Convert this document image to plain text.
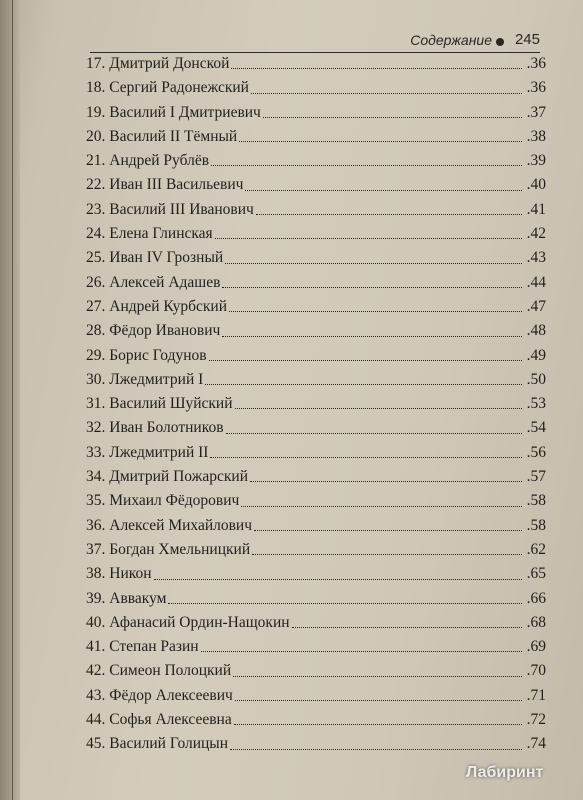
Содержание 245
17. Дмитрий Донской	.36
18. Сергий Радонежский	.36
19. Василий I Дмитриевич	.37
20. Василий II Тёмный	.38
21. Андрей Рублёв	.39
22. Иван III Васильевич	.40
23. Василий III Иванович	.41
24. Елена Глинская	.42
25. Иван IV Грозный	.43
26. Алексей Адашев	.44
27. Андрей Курбский	.47
28. Фёдор Иванович	.48
29. Борис Годунов	.49
30. Лжедмитрий I	.50
31. Василий Шуйский	.53
32. Иван Болотников	.54
33. Лжедмитрий II	.56
34. Дмитрий Пожарский	.57
35. Михаил Фёдорович	.58
36. Алексей Михайлович	.58
37. Богдан Хмельницкий	.62
38. Никон	.65
39. Аввакум	.66
40. Афанасий Ордин-Нащокин	.68
41. Степан Разин	.69
42. Симеон Полоцкий	.70
43. Фёдор Алексеевич	.71
44. Софья Алексеевна	.72
45. Василий Голицын	.74
Лабиринт
